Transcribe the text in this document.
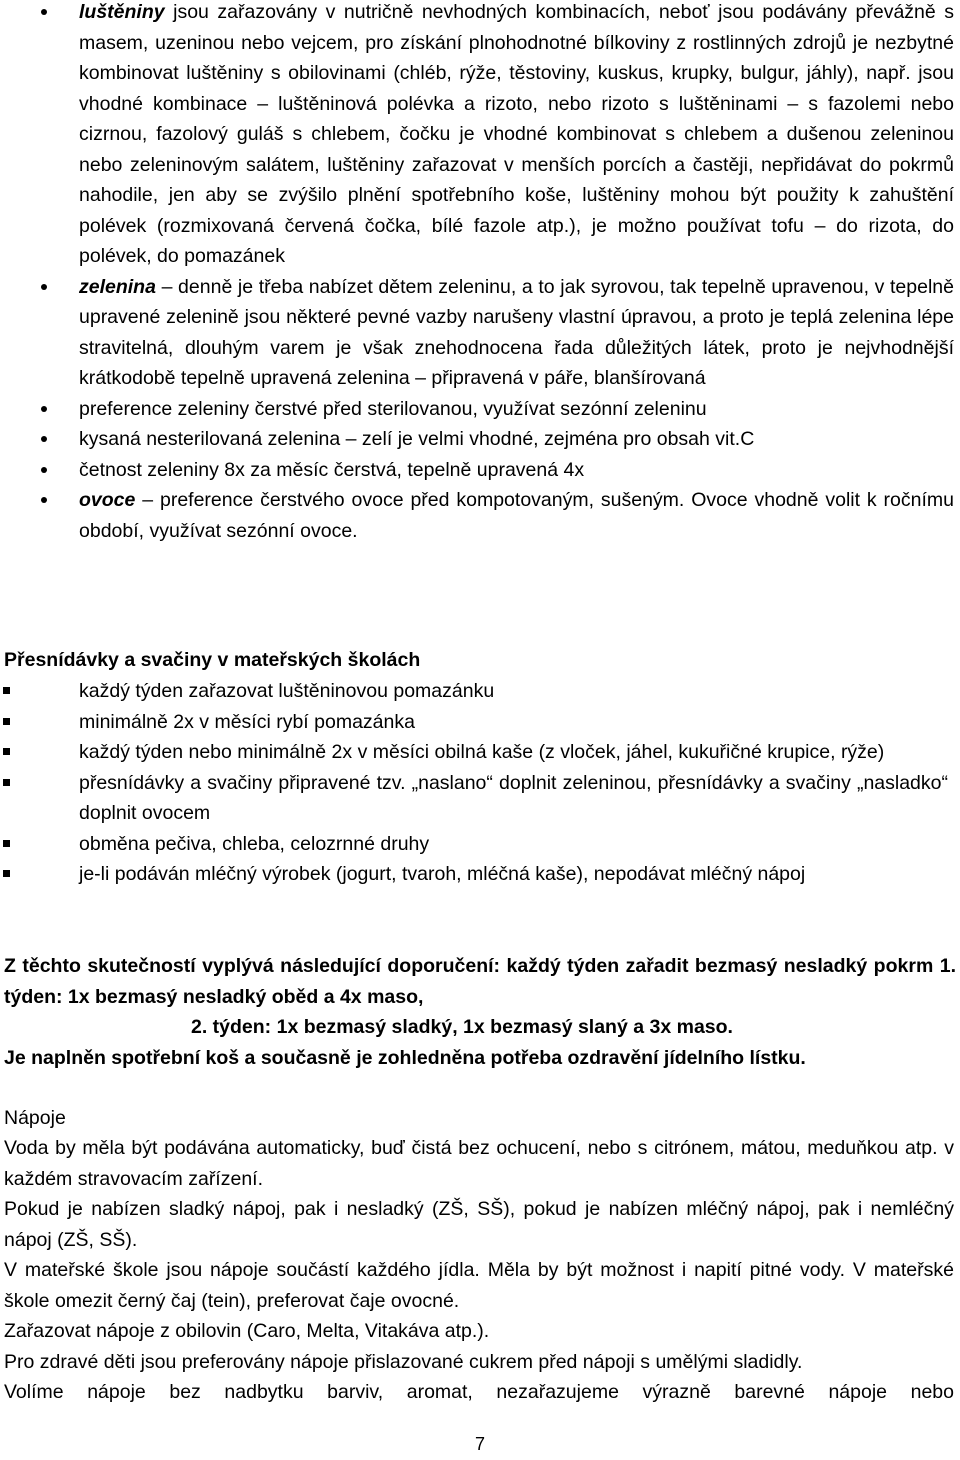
luštěniny jsou zařazovány v nutričně nevhodných kombinacích, neboť jsou podávány převážně s masem, uzeninou nebo vejcem, pro získání plnohodnotné bílkoviny z rostlinných zdrojů je nezbytné kombinovat luštěniny s obilovinami (chléb, rýže, těstoviny, kuskus, krupky, bulgur, jáhly), např. jsou vhodné kombinace – luštěninová polévka a rizoto, nebo rizoto s luštěninami – s fazolemi nebo cizrnou, fazolový guláš s chlebem, čočku je vhodné kombinovat s chlebem a dušenou zeleninou nebo zeleninovým salátem, luštěniny zařazovat v menších porcích a častěji, nepřidávat do pokrmů nahodile, jen aby se zvýšilo plnění spotřebního koše, luštěniny mohou být použity k zahuštění polévek (rozmixovaná červená čočka, bílé fazole atp.), je možno používat tofu – do rizota, do polévek, do pomazánek
zelenina – denně je třeba nabízet dětem zeleninu, a to jak syrovou, tak tepelně upravenou, v tepelně upravené zelenině jsou některé pevné vazby narušeny vlastní úpravou, a proto je teplá zelenina lépe stravitelná, dlouhým varem je však znehodnocena řada důležitých látek, proto je nejvhodnější krátkodobě tepelně upravená zelenina – připravená v páře, blanšírovaná
preference zeleniny čerstvé před sterilovanou, využívat sezónní zeleninu
kysaná nesterilovaná zelenina – zelí je velmi vhodné, zejména pro obsah vit.C
četnost zeleniny 8x za měsíc čerstvá, tepelně upravená 4x
ovoce – preference čerstvého ovoce před kompotovaným, sušeným. Ovoce vhodně volit k ročnímu období, využívat sezónní ovoce.
Přesnídávky a svačiny v mateřských školách
každý týden zařazovat luštěninovou pomazánku
minimálně 2x v měsíci rybí pomazánka
každý týden nebo minimálně 2x v měsíci obilná kaše (z vloček, jáhel, kukuřičné krupice, rýže)
přesnídávky a svačiny připravené tzv. „naslano“ doplnit zeleninou, přesnídávky a svačiny „nasladko“ doplnit ovocem
obměna pečiva, chleba, celozrnné druhy
je-li podáván mléčný výrobek (jogurt, tvaroh, mléčná kaše), nepodávat mléčný nápoj

Z těchto skutečností vyplývá následující doporučení: každý týden zařadit bezmasý nesladký pokrm 1. týden: 1x bezmasý nesladký oběd a 4x maso,

2. týden: 1x bezmasý sladký, 1x bezmasý slaný a 3x maso.

Je naplněn spotřební koš a současně je zohledněna potřeba ozdravění jídelního lístku.

Nápoje

Voda by měla být podávána automaticky, buď čistá bez ochucení, nebo s citrónem, mátou, meduňkou atp. v každém stravovacím zařízení.

Pokud je nabízen sladký nápoj, pak i nesladký (ZŠ, SŠ), pokud je nabízen mléčný nápoj, pak i nemléčný nápoj (ZŠ, SŠ).

V mateřské škole jsou nápoje součástí každého jídla. Měla by být možnost i napití pitné vody. V mateřské škole omezit černý čaj (tein), preferovat čaje ovocné.

Zařazovat nápoje z obilovin (Caro, Melta, Vitakáva atp.).

Pro zdravé děti jsou preferovány nápoje přislazované cukrem před nápoji s umělými sladidly.

Volíme nápoje bez nadbytku barviv, aromat, nezařazujeme výrazně barevné nápoje nebo

7
